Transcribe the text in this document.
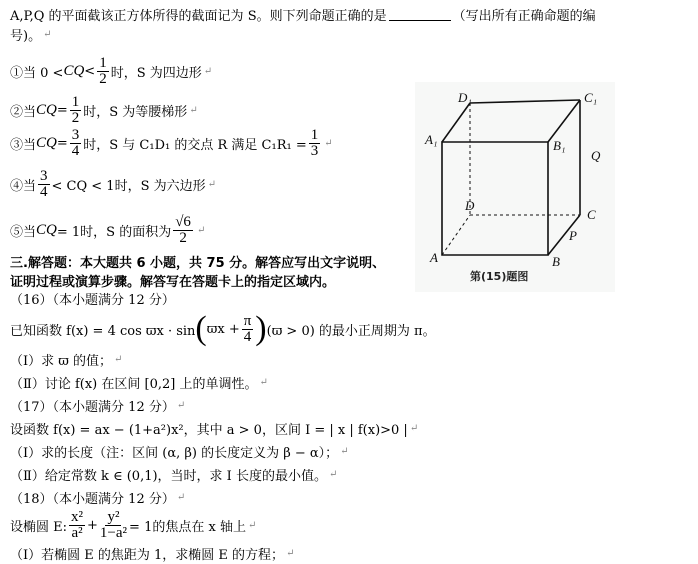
A,P,Q 的平面截该正方体所得的截面记为 S。则下列命题正确的是	（写出所有正确命题的编
号)。 ↵
①当 0 < CQ < $\frac{1}{2}$ 时，S 为四边形 ↵
②当 CQ = $\frac{1}{2}$ 时，S 为等腰梯形 ↵
③当 CQ = $\frac{3}{4}$ 时，S 与 C₁D₁ 的交点 R 满足 $C_1R_1 = \frac{1}{3}$ ↵
④当 $\frac{3}{4}$ < CQ < 1时，S 为六边形 ↵
⑤当 CQ = 1时，S 的面积为 $\frac{√6}{2}$ ↵
三.解答题：本大题共 6 小题，共 75 分。解答应写出文字说明、
证明过程或演算步骤。解答写在答题卡上的指定区域内。
（16）（本小题满分 12 分）
已知函数 f(x) = 4 cos ϖx · sin ( $ϖx + \frac{\pi}{4}$ ) (ϖ > 0) 的最小正周期为 π。
（Ⅰ）求 ϖ 的值； ↵
（Ⅱ）讨论 f(x) 在区间 [0,2] 上的单调性。 ↵
（17）（本小题满分 12 分） ↵
设函数 f(x) = ax − (1+a²)x²，其中 a > 0，区间 I = | x | f(x)>0 | ↵
（Ⅰ）求的长度（注：区间 (α, β) 的长度定义为 β − α）； ↵
（Ⅱ）给定常数 k ∈ (0,1)，当时，求 I 长度的最小值。 ↵
（18）（本小题满分 12 分） ↵
设椭圆 E: $\frac{\text{x²}}{\text{a²}} + \frac{\text{y²}}{\text{1−a²}} = 1$的焦点在 x 轴上 ↵
（Ⅰ）若椭圆 E 的焦距为 1，求椭圆 E 的方程； ↵
D₁	C₁
A₁	B₁
Q
D
C
P
A	B
第(15)题图
